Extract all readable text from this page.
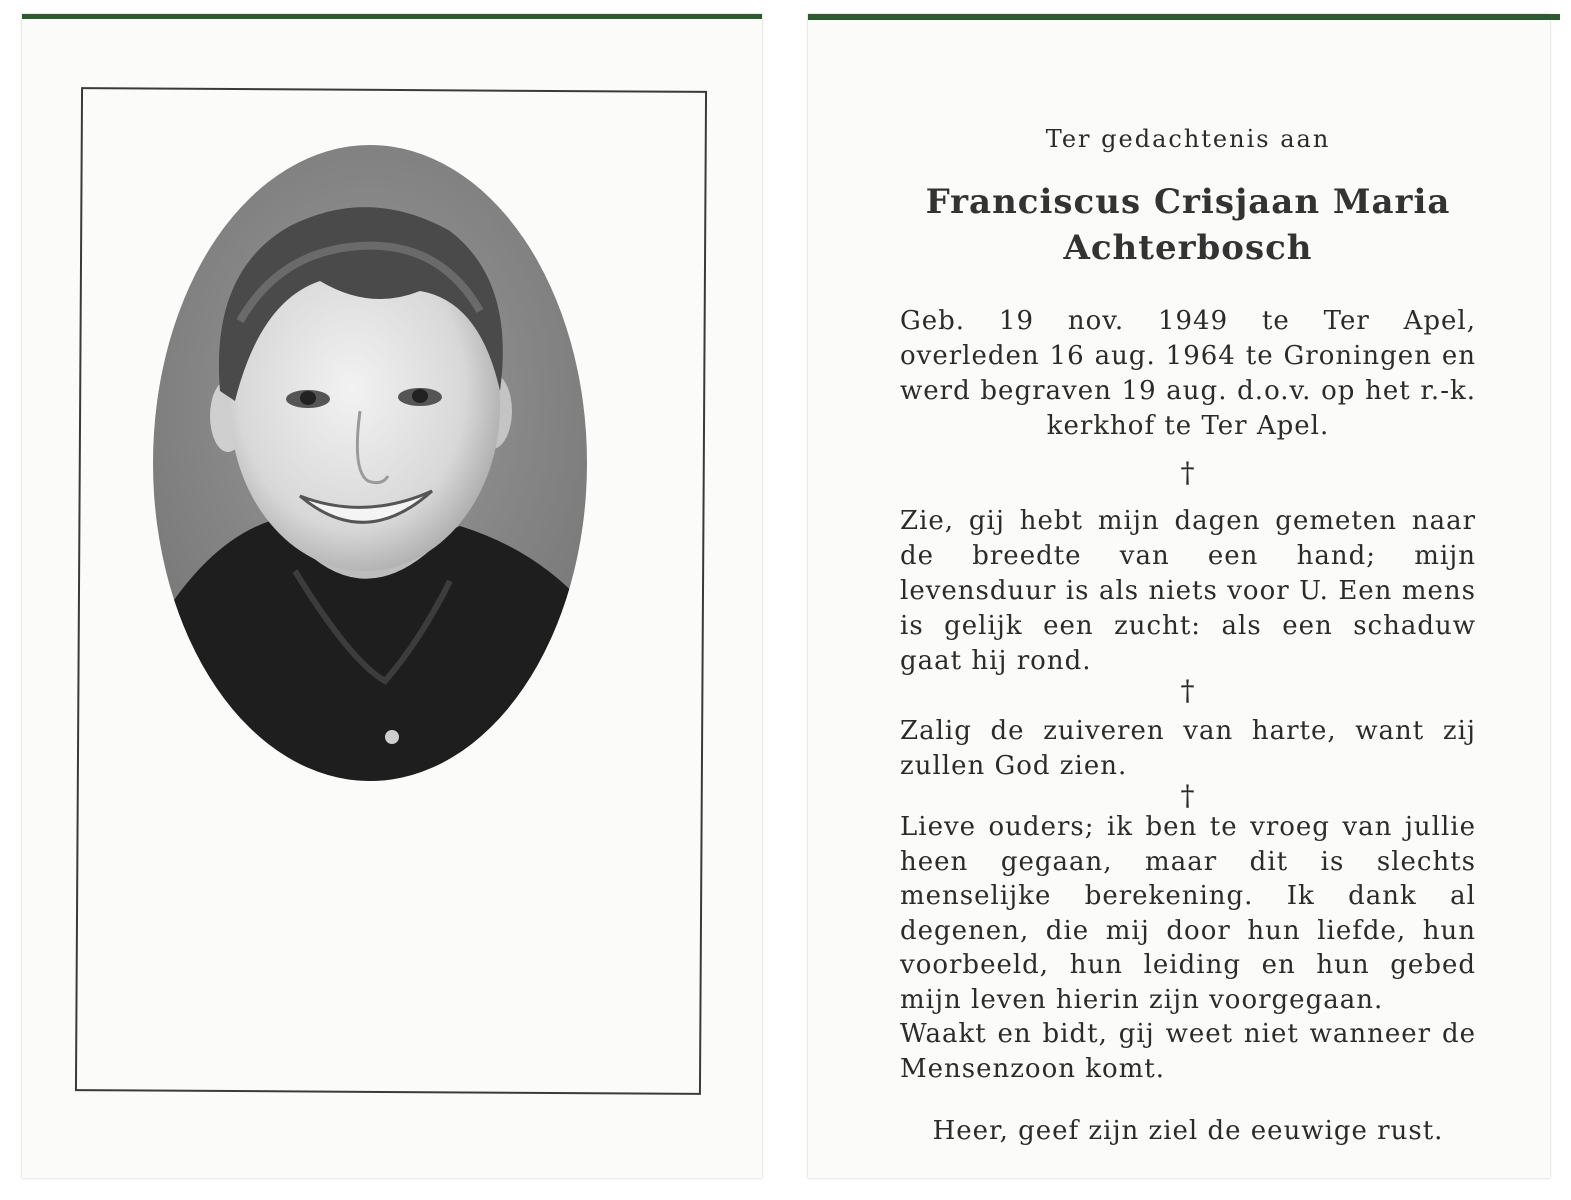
Ter gedachtenis aan
Franciscus Crisjaan Maria
Achterbosch
Geb. 19 nov. 1949 te Ter Apel, overleden 16 aug. 1964 te Groningen en werd begraven 19 aug. d.o.v. op het r.-k. kerkhof te Ter Apel.
†
Zie, gij hebt mijn dagen gemeten naar de breedte van een hand; mijn levensduur is als niets voor U. Een mens is gelijk een zucht: als een schaduw gaat hij rond.
†
Zalig de zuiveren van harte, want zij zullen God zien.
†
Lieve ouders; ik ben te vroeg van jullie heen gegaan, maar dit is slechts menselijke berekening. Ik dank al degenen, die mij door hun liefde, hun voorbeeld, hun leiding en hun gebed mijn leven hierin zijn voorgegaan.
Waakt en bidt, gij weet niet wanneer de Mensenzoon komt.
Heer, geef zijn ziel de eeuwige rust.
